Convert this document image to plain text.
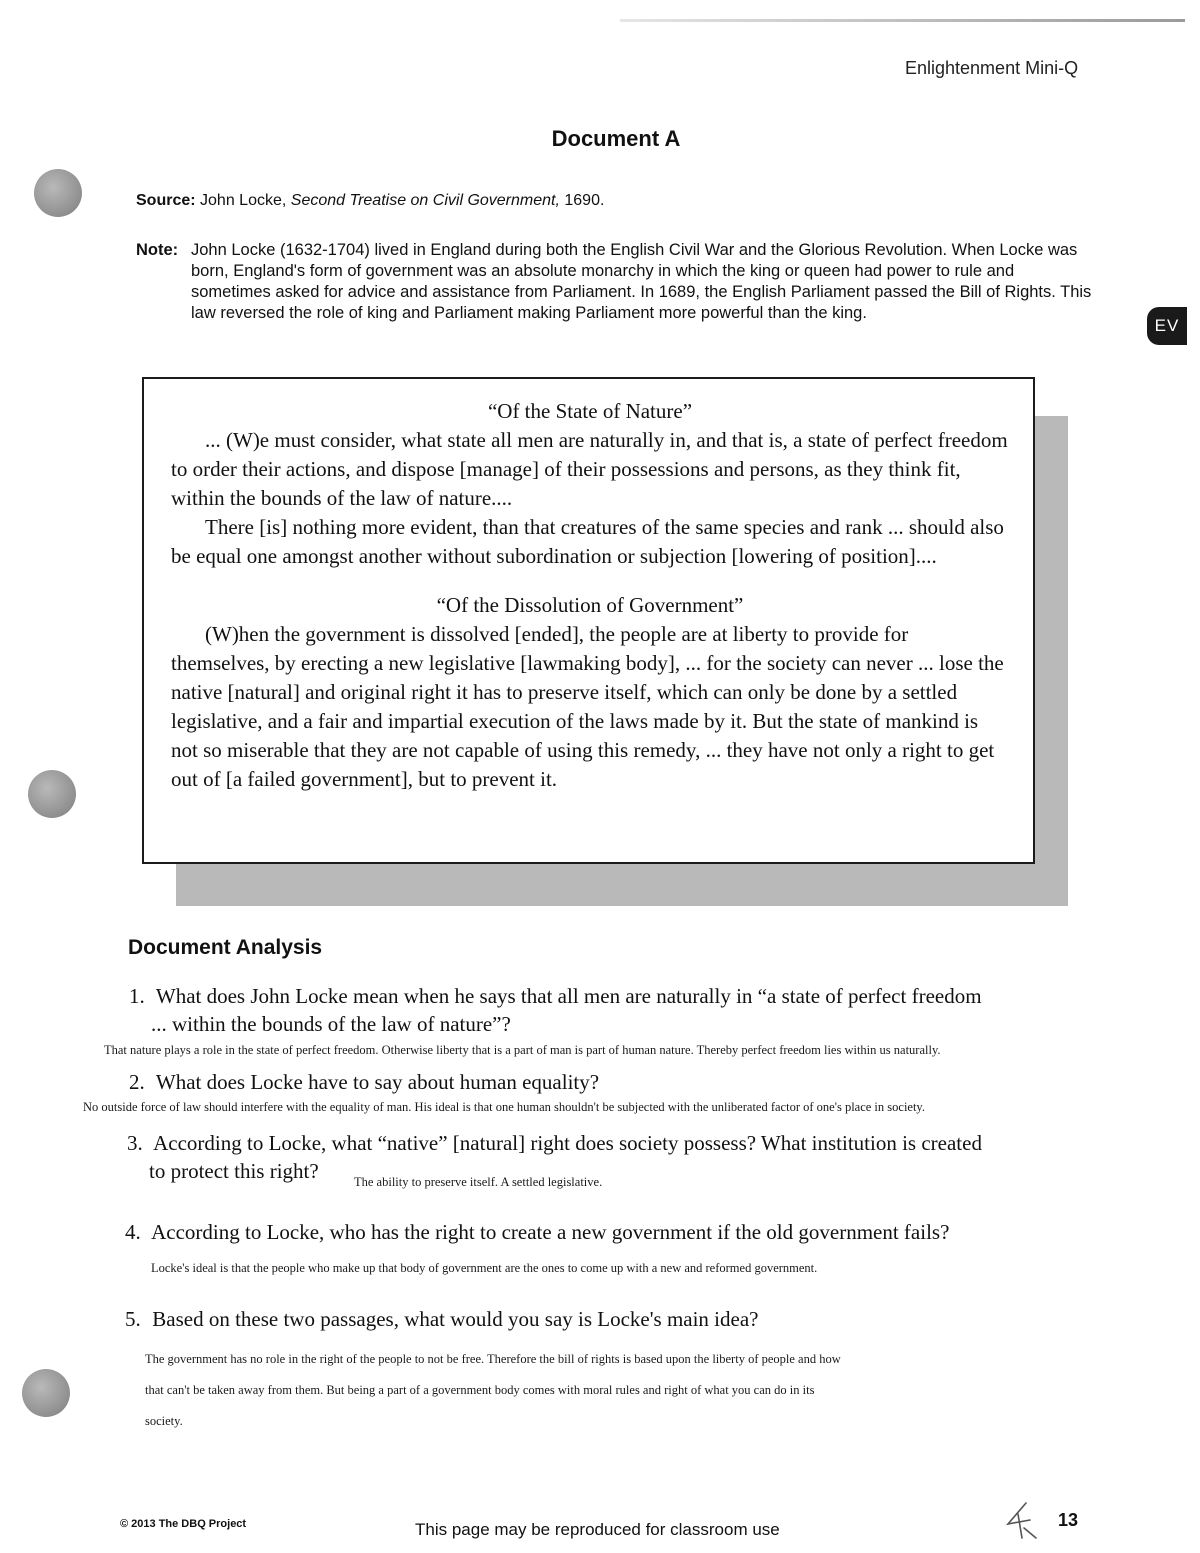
Enlightenment Mini-Q
EV
Document A
Source: John Locke, Second Treatise on Civil Government, 1690.
Note: John Locke (1632-1704) lived in England during both the English Civil War and the Glorious Revolution. When Locke was born, England's form of government was an absolute monarchy in which the king or queen had power to rule and sometimes asked for advice and assistance from Parliament. In 1689, the English Parliament passed the Bill of Rights. This law reversed the role of king and Parliament making Parliament more powerful than the king.
“Of the State of Nature”

... (W)e must consider, what state all men are naturally in, and that is, a state of perfect freedom to order their actions, and dispose [manage] of their possessions and persons, as they think fit, within the bounds of the law of nature....

There [is] nothing more evident, than that creatures of the same species and rank ... should also be equal one amongst another without subordination or subjection [lowering of position]....

“Of the Dissolution of Government”

(W)hen the government is dissolved [ended], the people are at liberty to provide for themselves, by erecting a new legislative [lawmaking body], ... for the society can never ... lose the native [natural] and original right it has to preserve itself, which can only be done by a settled legislative, and a fair and impartial execution of the laws made by it. But the state of mankind is not so miserable that they are not capable of using this remedy, ... they have not only a right to get out of [a failed government], but to prevent it.

Document Analysis
1. What does John Locke mean when he says that all men are naturally in “a state of perfect freedom
... within the bounds of the law of nature”?
That nature plays a role in the state of perfect freedom. Otherwise liberty that is a part of man is part of human nature. Thereby perfect freedom lies within us naturally.
2. What does Locke have to say about human equality?
No outside force of law should interfere with the equality of man. His ideal is that one human shouldn't be subjected with the unliberated factor of one's place in society.
3. According to Locke, what “native” [natural] right does society possess? What institution is created
to protect this right?	The ability to preserve itself. A settled legislative.
4. According to Locke, who has the right to create a new government if the old government fails?
Locke's ideal is that the people who make up that body of government are the ones to come up with a new and reformed government.
5. Based on these two passages, what would you say is Locke's main idea?
The government has no role in the right of the people to not be free. Therefore the bill of rights is based upon the liberty of people and how
that can't be taken away from them. But being a part of a government body comes with moral rules and right of what you can do in its
society.
© 2013 The DBQ Project	This page may be reproduced for classroom use	13
